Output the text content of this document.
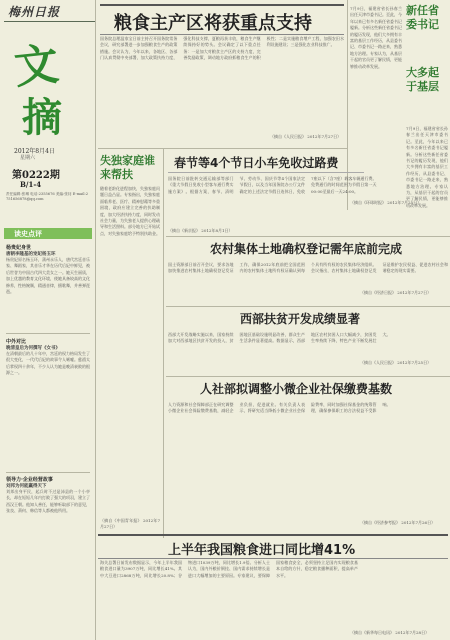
梅州日报
文
摘
2012年8月4日
星期六
第0222期
B/1-4
责任编辑:张琳 电话:2355676 美编:张钊 E-mail:2751656878@qq.com
读史点评
杨贵妃身世
唐朝李隆基的宠妃杨玉环
杨贵妃原名杨玉环，蒲州永乐人，唐代宫廷音乐家、舞蹈家，其音乐才华在历代后妃中鲜见，被后世誉为中国古代四大美女之一。她天生丽质，加上优越的教育文化环境，使她具备较高的文化修养，性格婉顺，精通音律，擅歌舞，并善弹琵琶。
中外对比
晚清皇后为何撰写《女书》
在清朝最后的几十年中，宫廷的权力格局发生了很大变化，一代代后妃的故事令人唏嘘。慈禧太后掌权四十余年，不少人认为她是晚清衰败的根源之一。
领导力·企业经营故事
刘邦为何能赢得天下
刘邦出身平民，起兵时不过是沛县的一个小亭长，却在短短几年内打败了强大的项羽，建立了西汉王朝。他知人善任，能够听取部下的意见，张良、萧何、韩信等人都被他所用。
粮食主产区将获重点支持
国务院总理温家宝日前主持召开国务院常务会议，研究部署进一步加强粮食生产的政策措施。会议认为，今年以来，各地区、各部门认真贯彻中央部署，加大政策扶持力度，强化科技支撑，夏粮再获丰收，粮食生产继续保持好的势头。会议确定了以下重点任务：一是加大对粮食主产区的支持力度，完善奖励政策，调动地方政府抓粮食生产的积极性；二是实施粮食增产工程，加强农田水利设施建设；三是强化农业科技推广。
（摘自《人民日报》 2012年7月27日）
新任省委书记
大多起于基层
7月9日，福建省省长孙春兰出任天津市委书记。至此，今年以来已有多名新任省委书记履新。分析这些新任省委书记的履历发现，他们大多拥有丰富的基层工作经历，从县委书记、市委书记一路走来，熟悉地方治理。专家认为，从基层干起的官员更了解民情，更能够推动改革发展。
7月9日，福建省省长孙春兰出任天津市委书记。至此，今年以来已有多名新任省委书记履新。分析这些新任省委书记的履历发现，他们大多拥有丰富的基层工作经历，从县委书记、市委书记一路走来，熟悉地方治理。专家认为，从基层干起的官员更了解民情，更能够推动改革发展。
（摘自《环球时报》 2012年7月25日）
失独家庭谁来帮扶
随着老龄化进程加快，失独家庭问题日益凸显。专家指出，失独家庭面临养老、医疗、精神慰藉等多重困境，政府应建立完善的扶助制度，加大经济扶持力度，同时发动社会力量，为失独老人提供心理疏导和生活照料。部分地方已开始试点，对失独家庭给予特别扶助金。
（摘自《中国青年报》 2012年7月27日）
春节等4个节日小车免收过路费
国务院日前批转交通运输部等部门《重大节假日免收小型客车通行费实施方案》。根据方案，春节、清明节、劳动节、国庆节等4个国家法定节假日，以及当年国务院办公厅文件确定的上述法定节假日连休日，免收7座以下（含7座）载客车辆通行费。免费通行的时间范围为节假日第一天00:00至最后一天24:00。
（摘自《新京报》 2012年8月1日）
农村集体土地确权登记需年底前完成
国土资源部日前召开会议，要求各地加快推进农村集体土地确权登记发证工作，确保2012年底前把全国范围内的农村集体土地所有权证确认到每个具有所有权的农民集体经济组织。会议指出，农村集体土地确权登记发证是维护农民权益、促进农村社会和谐稳定的现实需要。
（摘自《经济日报》 2012年7月27日）
西部扶贫开发成绩显著
西部大开发战略实施以来，国家持续加大对西部地区扶贫开发的投入，贫困地区基础设施明显改善，群众生产生活条件显著提高。数据显示，西部地区农村贫困人口大幅减少，贫困发生率持续下降，特色产业不断发展壮大。
（摘自《人民日报》 2012年7月25日）
人社部拟调整小微企业社保缴费基数
人力资源和社会保障部正在研究调整小微企业社会保险缴费基数，减轻企业负担，促进就业。有关负责人表示，将研究适当降低小微企业社会保险费率，同时加强社保基金的统筹管理，确保参保职工的合法权益不受影响。
（摘自《经济参考报》 2012年7月26日）
上半年我国粮食进口同比增41%
海关总署日前发布数据显示，今年上半年我国粮食进口量为3907万吨，同比增长41%。其中大豆进口2868万吨，同比增长20.8%；谷物进口1039万吨，同比增长1.9倍。分析人士认为，国内外粮价倒挂、国内需求持续增长是进口大幅增加的主要原因。专家建议，要保障国家粮食安全，必须坚持立足国内实现粮食基本自给的方针，稳定粮食播种面积，提高单产水平。
（摘自《新华每日电讯》 2012年7月28日）
